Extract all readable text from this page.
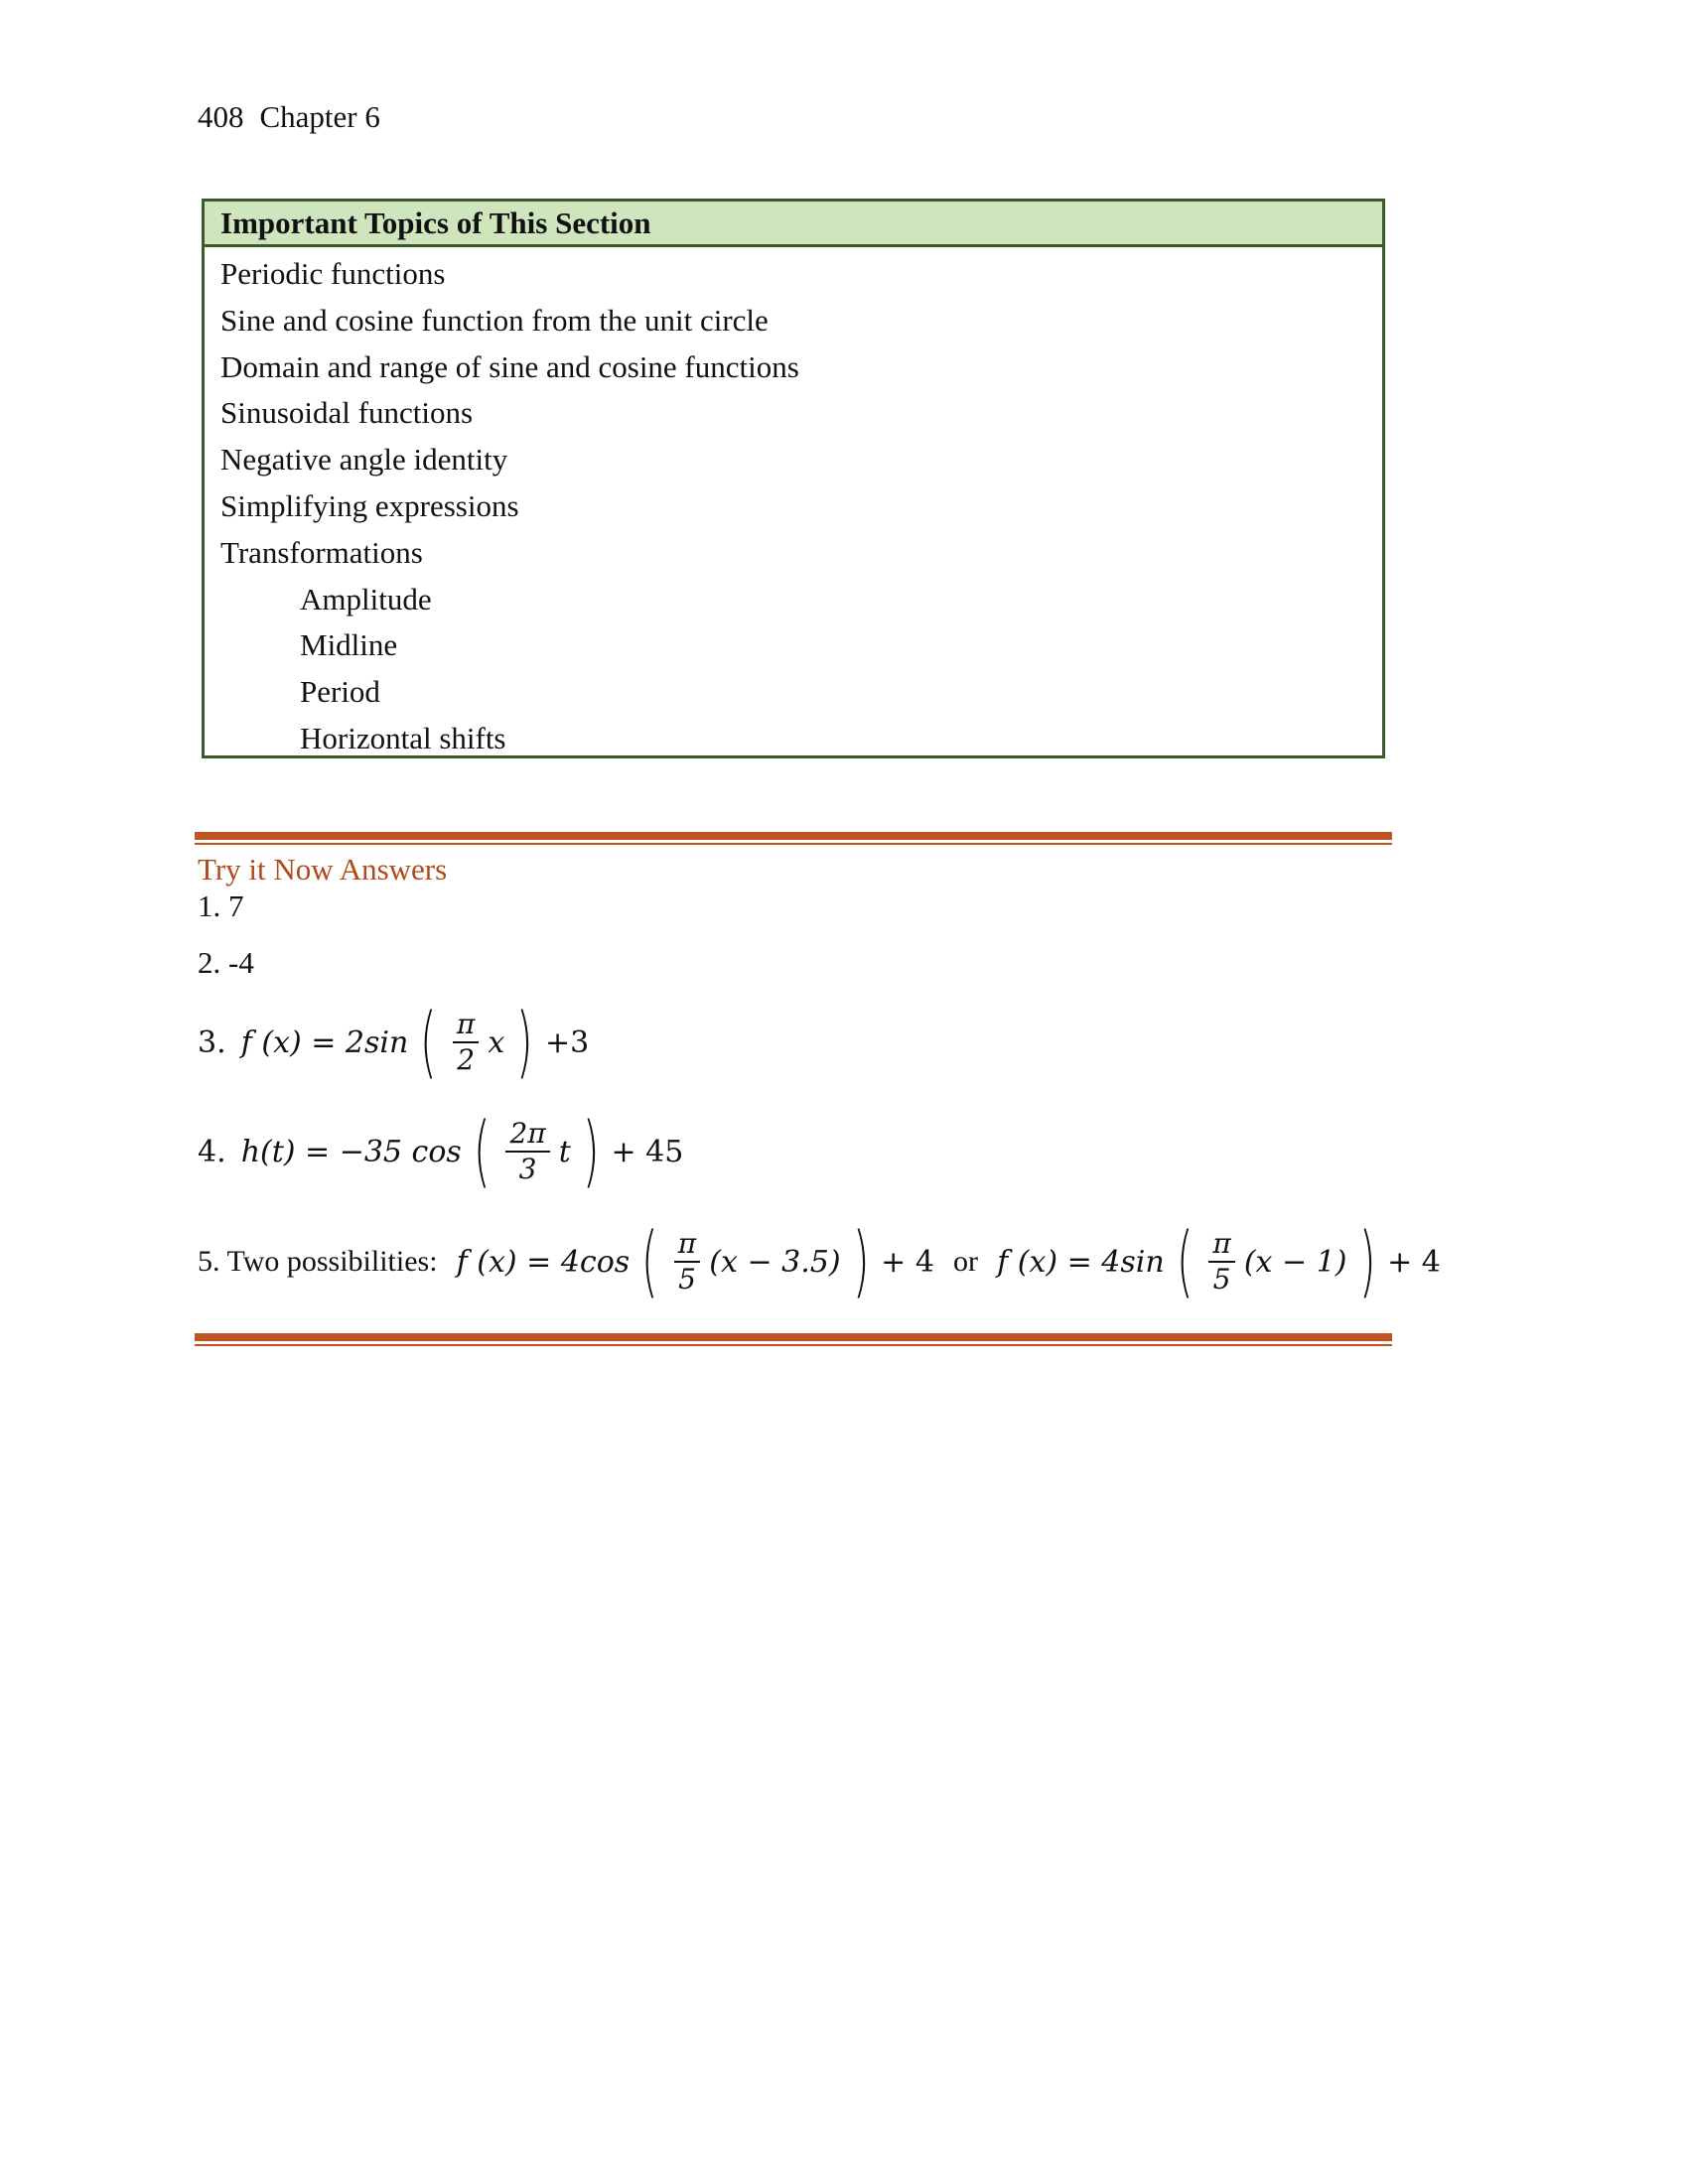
408 Chapter 6
Important Topics of This Section
Periodic functions
Sine and cosine function from the unit circle
Domain and range of sine and cosine functions
Sinusoidal functions
Negative angle identity
Simplifying expressions
Transformations
Amplitude
Midline
Period
Horizontal shifts
Try it Now Answers
1. 7
2. -4
3. f (x) = 2sin ( $\frac{\pi}{2}$ x ) +3
4. h(t) = −35 cos ( $\frac{2\pi}{3}$ t ) + 45
5. Two possibilities: f (x) = 4cos ( $\frac{\pi}{5} (x - 3.5)$ ) + 4 or f (x) = 4sin ( $\frac{\pi}{5} (x - 1)$ ) + 4
